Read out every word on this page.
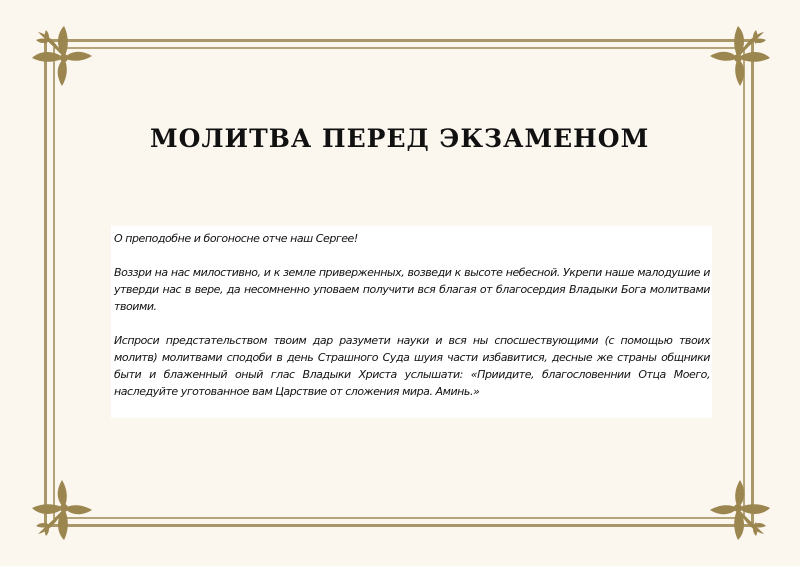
МОЛИТВА ПЕРЕД ЭКЗАМЕНОМ

О преподобне и богоносне отче наш Сергее!

Воззри на нас милостивно, и к земле приверженных, возведи к высоте небесной. Укрепи наше малодушие и утверди нас в вере, да несомненно уповаем получити вся благая от благосердия Владыки Бога молитвами твоими.

Испроси предстательством твоим дар разумети науки и вся ны спосшествующими (с помощью твоих молитв) молитвами сподоби в день Страшного Суда шуия части избавитися, десные же страны общники быти и блаженный оный глас Владыки Христа услышати: «Приидите, благословеннии Отца Моего, наследуйте уготованное вам Царствие от сложения мира. Аминь.»
